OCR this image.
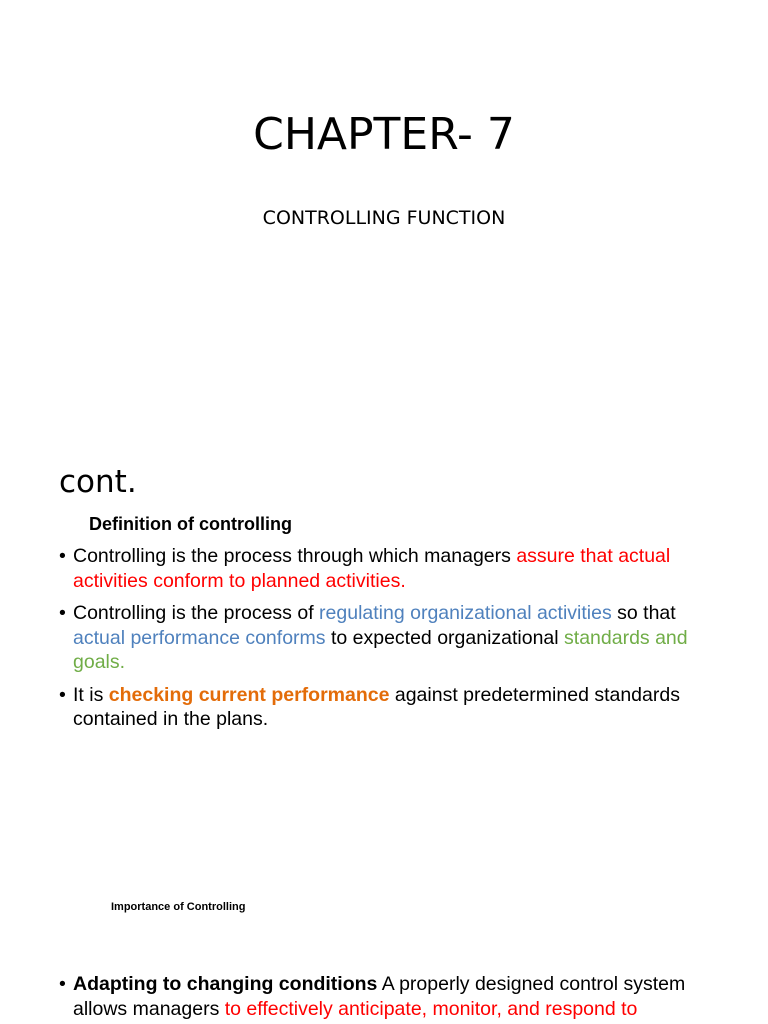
CHAPTER- 7
CONTROLLING FUNCTION
cont.
Definition of controlling
• Controlling is the process through which managers assure that actual activities conform to planned activities.
• Controlling is the process of regulating organizational activities so that actual performance conforms to expected organizational standards and goals.
• It is checking current performance against predetermined standards contained in the plans.
Importance of Controlling
• Adapting to changing conditions A properly designed control system allows managers to effectively anticipate, monitor, and respond to
